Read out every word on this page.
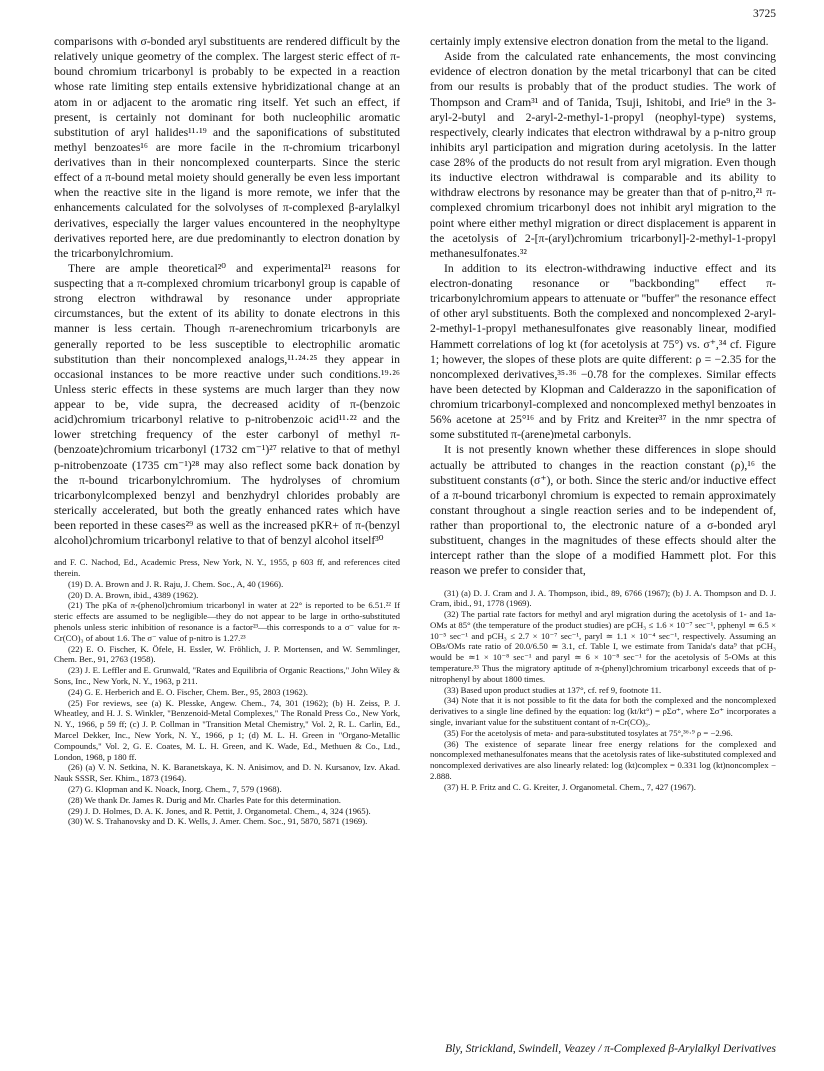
3725

comparisons with σ-bonded aryl substituents are rendered difficult by the relatively unique geometry of the complex. The largest steric effect of π-bound chromium tricarbonyl is probably to be expected in a reaction whose rate limiting step entails extensive hybridizational change at an atom in or adjacent to the aromatic ring itself. Yet such an effect, if present, is certainly not dominant for both nucleophilic aromatic substitution of aryl halides¹¹·¹⁹ and the saponifications of substituted methyl benzoates¹⁶ are more facile in the π-chromium tricarbonyl derivatives than in their noncomplexed counterparts. Since the steric effect of a π-bound metal moiety should generally be even less important when the reactive site in the ligand is more remote, we infer that the enhancements calculated for the solvolyses of π-complexed β-arylalkyl derivatives, especially the larger values encountered in the neophyltype derivatives reported here, are due predominantly to electron donation by the tricarbonylchromium.

There are ample theoretical²⁰ and experimental²¹ reasons for suspecting that a π-complexed chromium tricarbonyl group is capable of strong electron withdrawal by resonance under appropriate circumstances, but the extent of its ability to donate electrons in this manner is less certain. Though π-arenechromium tricarbonyls are generally reported to be less susceptible to electrophilic aromatic substitution than their noncomplexed analogs,¹¹·²⁴·²⁵ they appear in occasional instances to be more reactive under such conditions.¹⁹·²⁶ Unless steric effects in these systems are much larger than they now appear to be, vide supra, the decreased acidity of π-(benzoic acid)chromium tricarbonyl relative to p-nitrobenzoic acid¹¹·²² and the lower stretching frequency of the ester carbonyl of methyl π-(benzoate)chromium tricarbonyl (1732 cm⁻¹)²⁷ relative to that of methyl p-nitrobenzoate (1735 cm⁻¹)²⁸ may also reflect some back donation by the π-bound tricarbonylchromium. The hydrolyses of chromium tricarbonylcomplexed benzyl and benzhydryl chlorides probably are sterically accelerated, but both the greatly enhanced rates which have been reported in these cases²⁹ as well as the increased pKR+ of π-(benzyl alcohol)chromium tricarbonyl relative to that of benzyl alcohol itself³⁰

and F. C. Nachod, Ed., Academic Press, New York, N. Y., 1955, p 603 ff, and references cited therein.

(19) D. A. Brown and J. R. Raju, J. Chem. Soc., A, 40 (1966).

(20) D. A. Brown, ibid., 4389 (1962).

(21) The pKa of π-(phenol)chromium tricarbonyl in water at 22° is reported to be 6.51.²² If steric effects are assumed to be negligible—they do not appear to be large in ortho-substituted phenols unless steric inhibition of resonance is a factor²³—this corresponds to a σ⁻ value for π-Cr(CO)₃ of about 1.6. The σ⁻ value of p-nitro is 1.27.²³

(22) E. O. Fischer, K. Öfele, H. Essler, W. Fröhlich, J. P. Mortensen, and W. Semmlinger, Chem. Ber., 91, 2763 (1958).

(23) J. E. Leffler and E. Grunwald, "Rates and Equilibria of Organic Reactions," John Wiley & Sons, Inc., New York, N. Y., 1963, p 211.

(24) G. E. Herberich and E. O. Fischer, Chem. Ber., 95, 2803 (1962).

(25) For reviews, see (a) K. Plesske, Angew. Chem., 74, 301 (1962); (b) H. Zeiss, P. J. Wheatley, and H. J. S. Winkler, "Benzenoid-Metal Complexes," The Ronald Press Co., New York, N. Y., 1966, p 59 ff; (c) J. P. Collman in "Transition Metal Chemistry," Vol. 2, R. L. Carlin, Ed., Marcel Dekker, Inc., New York, N. Y., 1966, p 1; (d) M. L. H. Green in "Organo-Metallic Compounds," Vol. 2, G. E. Coates, M. L. H. Green, and K. Wade, Ed., Methuen & Co., Ltd., London, 1968, p 180 ff.

(26) (a) V. N. Setkina, N. K. Baranetskaya, K. N. Anisimov, and D. N. Kursanov, Izv. Akad. Nauk SSSR, Ser. Khim., 1873 (1964).

(27) G. Klopman and K. Noack, Inorg. Chem., 7, 579 (1968).

(28) We thank Dr. James R. Durig and Mr. Charles Pate for this determination.

(29) J. D. Holmes, D. A. K. Jones, and R. Pettit, J. Organometal. Chem., 4, 324 (1965).

(30) W. S. Trahanovsky and D. K. Wells, J. Amer. Chem. Soc., 91, 5870, 5871 (1969).

certainly imply extensive electron donation from the metal to the ligand.

Aside from the calculated rate enhancements, the most convincing evidence of electron donation by the metal tricarbonyl that can be cited from our results is probably that of the product studies. The work of Thompson and Cram³¹ and of Tanida, Tsuji, Ishitobi, and Irie⁹ in the 3-aryl-2-butyl and 2-aryl-2-methyl-1-propyl (neophyl-type) systems, respectively, clearly indicates that electron withdrawal by a p-nitro group inhibits aryl participation and migration during acetolysis. In the latter case 28% of the products do not result from aryl migration. Even though its inductive electron withdrawal is comparable and its ability to withdraw electrons by resonance may be greater than that of p-nitro,²¹ π-complexed chromium tricarbonyl does not inhibit aryl migration to the point where either methyl migration or direct displacement is apparent in the acetolysis of 2-[π-(aryl)chromium tricarbonyl]-2-methyl-1-propyl methanesulfonates.³²

In addition to its electron-withdrawing inductive effect and its electron-donating resonance or "backbonding" effect π-tricarbonylchromium appears to attenuate or "buffer" the resonance effect of other aryl substituents. Both the complexed and noncomplexed 2-aryl-2-methyl-1-propyl methanesulfonates give reasonably linear, modified Hammett correlations of log kt (for acetolysis at 75°) vs. σ⁺,³⁴ cf. Figure 1; however, the slopes of these plots are quite different: ρ = −2.35 for the noncomplexed derivatives,³⁵·³⁶ −0.78 for the complexes. Similar effects have been detected by Klopman and Calderazzo in the saponification of chromium tricarbonyl-complexed and noncomplexed methyl benzoates in 56% acetone at 25°¹⁶ and by Fritz and Kreiter³⁷ in the nmr spectra of some substituted π-(arene)metal carbonyls.

It is not presently known whether these differences in slope should actually be attributed to changes in the reaction constant (ρ),¹⁶ the substituent constants (σ⁺), or both. Since the steric and/or inductive effect of a π-bound tricarbonyl chromium is expected to remain approximately constant throughout a single reaction series and to be independent of, rather than proportional to, the electronic nature of a σ-bonded aryl substituent, changes in the magnitudes of these effects should alter the intercept rather than the slope of a modified Hammett plot. For this reason we prefer to consider that,

(31) (a) D. J. Cram and J. A. Thompson, ibid., 89, 6766 (1967); (b) J. A. Thompson and D. J. Cram, ibid., 91, 1778 (1969).

(32) The partial rate factors for methyl and aryl migration during the acetolysis of 1- and 1a-OMs at 85° (the temperature of the product studies) are pCH₃ ≤ 1.6 × 10⁻⁷ sec⁻¹, pphenyl ≃ 6.5 × 10⁻⁵ sec⁻¹ and pCH₃ ≤ 2.7 × 10⁻⁷ sec⁻¹, paryl ≃ 1.1 × 10⁻⁴ sec⁻¹, respectively. Assuming an OBs/OMs rate ratio of 20.0/6.50 ≃ 3.1, cf. Table I, we estimate from Tanida's data⁹ that pCH₃ would be ≃1 × 10⁻⁸ sec⁻¹ and paryl ≃ 6 × 10⁻⁸ sec⁻¹ for the acetolysis of 5-OMs at this temperature.³³ Thus the migratory aptitude of π-(phenyl)chromium tricarbonyl exceeds that of p-nitrophenyl by about 1800 times.

(33) Based upon product studies at 137°, cf. ref 9, footnote 11.

(34) Note that it is not possible to fit the data for both the complexed and the noncomplexed derivatives to a single line defined by the equation: log (kt/kt°) = ρΣσ⁺, where Σσ⁺ incorporates a single, invariant value for the substituent contant of π-Cr(CO)₃.

(35) For the acetolysis of meta- and para-substituted tosylates at 75°,³⁶·⁹ ρ = −2.96.

(36) The existence of separate linear free energy relations for the complexed and noncomplexed methanesulfonates means that the acetolysis rates of like-substituted complexed and noncomplexed derivatives are also linearly related: log (kt)complex = 0.331 log (kt)noncomplex − 2.888.

(37) H. P. Fritz and C. G. Kreiter, J. Organometal. Chem., 7, 427 (1967).

Bly, Strickland, Swindell, Veazey / π-Complexed β-Arylalkyl Derivatives
